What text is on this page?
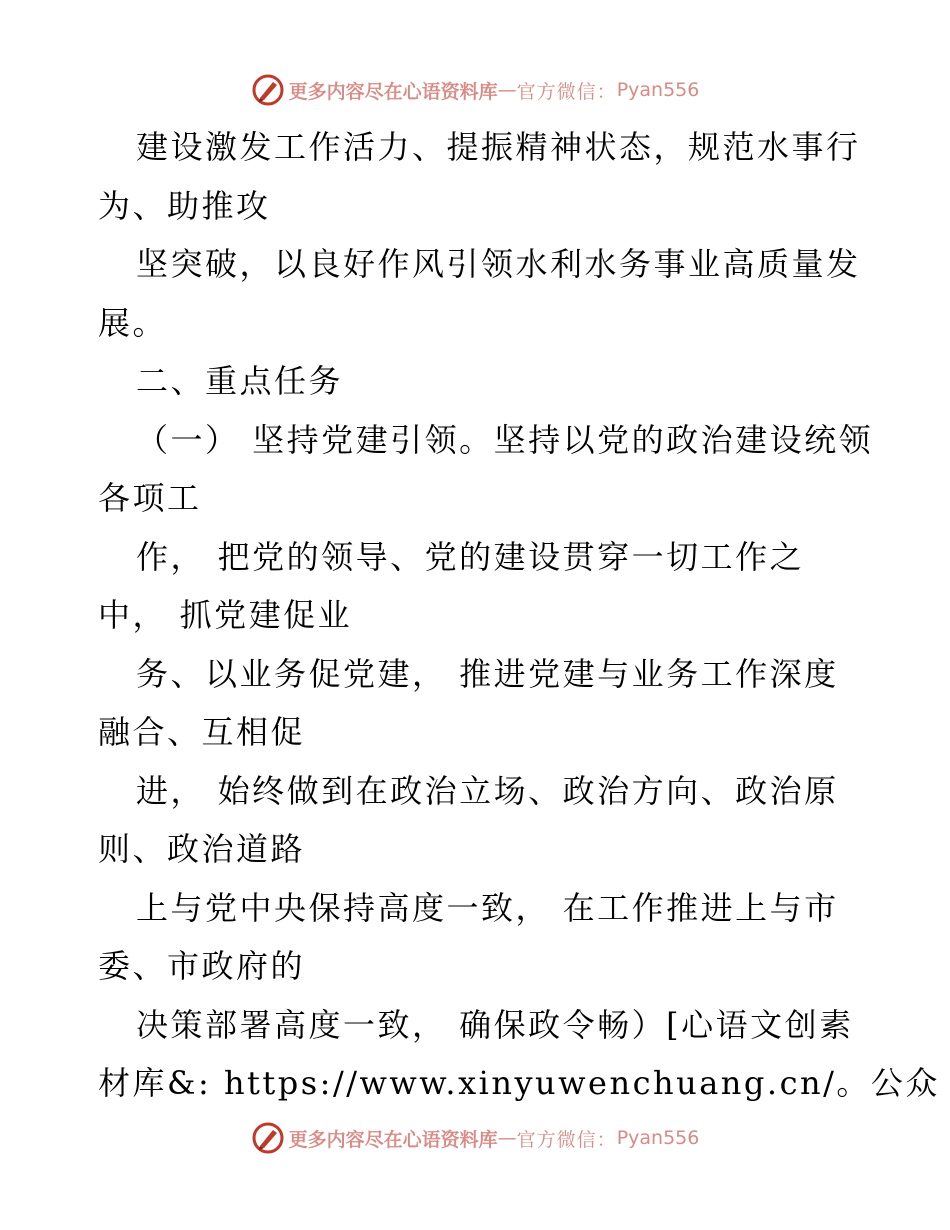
更多内容尽在心语资料库 — 官方微信： Pyan556
建设激发工作活力、提振精神状态，规范水事行
为、助推攻
坚突破，以良好作风引领水利水务事业高质量发
展。
二、重点任务
（一） 坚持党建引领。坚持以党的政治建设统领
各项工
作， 把党的领导、党的建设贯穿一切工作之
中， 抓党建促业
务、以业务促党建， 推进党建与业务工作深度
融合、互相促
进， 始终做到在政治立场、政治方向、政治原
则、政治道路
上与党中央保持高度一致， 在工作推进上与市
委、市政府的
决策部署高度一致， 确保政令畅）[心语文创素
材库&: https://www.xinyuwenchuang.cn/。公众
更多内容尽在心语资料库 — 官方微信： Pyan556
